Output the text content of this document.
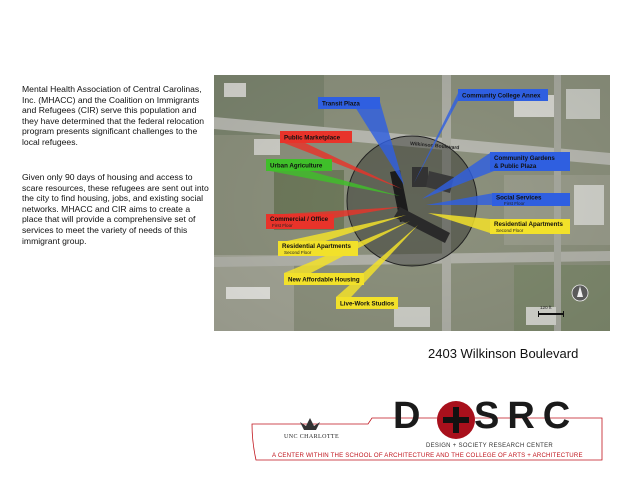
Mental Health Association of Central Carolinas, Inc. (MHACC) and the Coalition on Immigrants and Refugees (CIR) serve this population and they have determined that the federal relocation program presents significant challenges to the local refugees.

Given only 90 days of housing and access to scare resources, these refugees are sent out into the city to find housing, jobs, and existing social networks. MHACC and CIR aims to create a place that will provide a comprehensive set of services to meet the variety of needs of this immigrant group.

Wilkinson Boulevard
Transit Plaza
Community College Annex
Public Marketplace
Urban Agriculture
Community Gardens
& Public Plaza
Social Services
First Floor
Commercial / Office
First Floor
Residential Apartments
Second Floor
Residential Apartments
Second Floor
New Affordable Housing
Live-Work Studios	120 ft

2403 Wilkinson Boulevard

D SRC
UNC CHARLOTTE
DESIGN + SOCIETY RESEARCH CENTER
A CENTER WITHIN THE SCHOOL OF ARCHITECTURE AND THE COLLEGE OF ARTS + ARCHITECTURE
